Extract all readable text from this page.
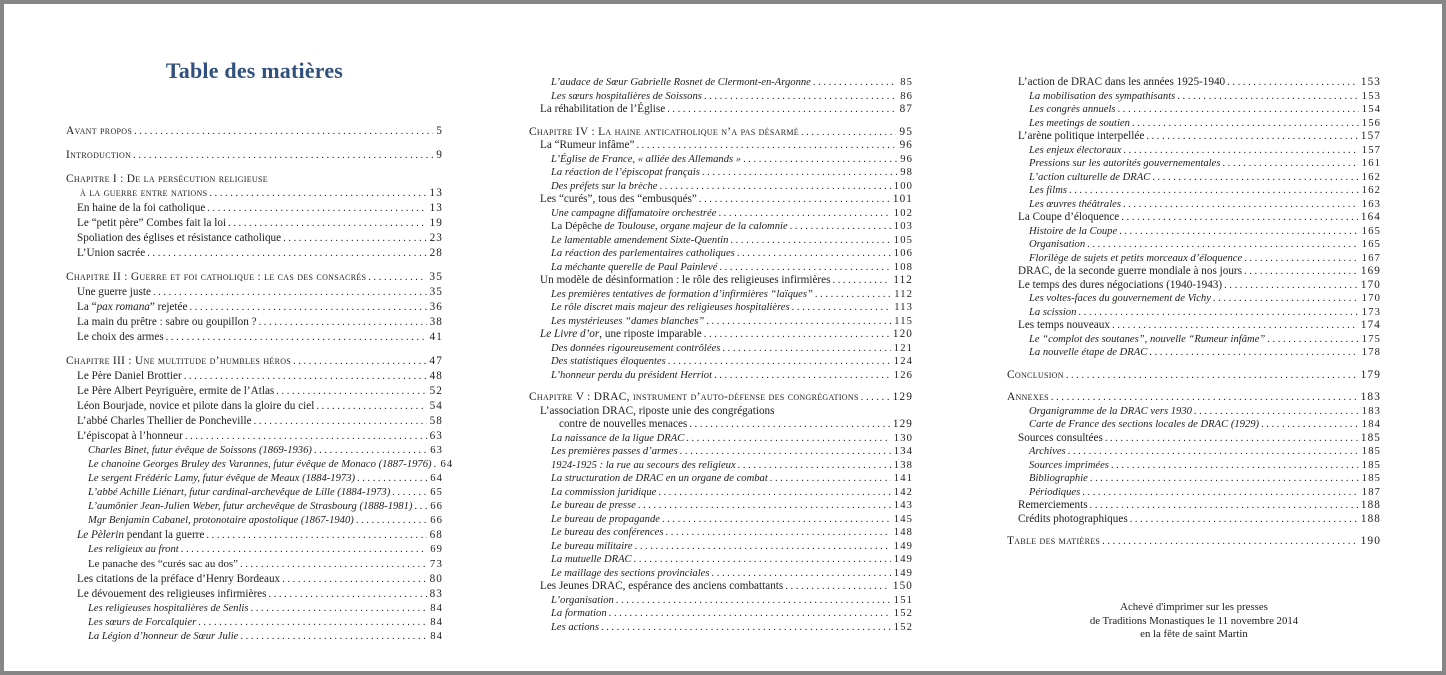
Table des matières
Avant propos .....	5
Introduction .....	9
Chapitre I : De la persécution religieuse
à la guerre entre nations .....	13
En haine de la foi catholique .....	13
Le “petit père” Combes fait la loi .....	19
Spoliation des églises et résistance catholique .....	23
L’Union sacrée .....	28
Chapitre II : Guerre et foi catholique : le cas des consacrés .....	35
Une guerre juste .....	35
La “pax romana” rejetée .....	36
La main du prêtre : sabre ou goupillon ? .....	38
Le choix des armes .....	41
Chapitre III : Une multitude d’humbles héros .....	47
Le Père Daniel Brottier .....	48
Le Père Albert Peyriguère, ermite de l’Atlas .....	52
Léon Bourjade, novice et pilote dans la gloire du ciel .....	54
L’abbé Charles Thellier de Poncheville .....	58
L’épiscopat à l’honneur .....	63
Charles Binet, futur évêque de Soissons (1869-1936) .....	63
Le chanoine Georges Bruley des Varannes, futur évêque de Monaco (1887-1976) ..... 64
Le sergent Frédéric Lamy, futur évêque de Meaux (1884-1973) .....	64
L’abbé Achille Liénart, futur cardinal-archevêque de Lille (1884-1973) .....	65
L’aumônier Jean-Julien Weber, futur archevêque de Strasbourg (1888-1981) ..... 66
Mgr Benjamin Cabanel, protonotaire apostolique (1867-1940) .....	66
Le Pèlerin pendant la guerre .....	68
Les religieux au front .....	69
Le panache des “curés sac au dos” .....	73
Les citations de la préface d’Henry Bordeaux .....	80
Le dévouement des religieuses infirmières .....	83
Les religieuses hospitalières de Senlis .....	84
Les sœurs de Forcalquier .....	84
La Légion d’honneur de Sœur Julie .....	84
L’audace de Sœur Gabrielle Rosnet de Clermont-en-Argonne .....	85
Les sœurs hospitalières de Soissons .....	86
La réhabilitation de l’Église .....	87
Chapitre IV : La haine anticatholique n’a pas désarmé .....	95
La “Rumeur infâme” .....	96
L’Église de France, « alliée des Allemands » .....	96
La réaction de l’épiscopat français .....	98
Des préfets sur la brèche .....	100
Les “curés”, tous des “embusqués” .....	101
Une campagne diffamatoire orchestrée .....	102
La Dépêche de Toulouse, organe majeur de la calomnie .....	103
Le lamentable amendement Sixte-Quentin .....	105
La réaction des parlementaires catholiques .....	106
La méchante querelle de Paul Painlevé .....	108
Un modèle de désinformation : le rôle des religieuses infirmières .....	112
Les premières tentatives de formation d’infirmières “laïques” .....	112
Le rôle discret mais majeur des religieuses hospitalières .....	113
Les mystérieuses “dames blanches” .....	115
Le Livre d’or, une riposte imparable .....	120
Des données rigoureusement contrôlées .....	121
Des statistiques éloquentes .....	124
L’honneur perdu du président Herriot .....	126
Chapitre V : DRAC, instrument d’auto-défense des congrégations .....	129
L’association DRAC, riposte unie des congrégations
contre de nouvelles menaces .....	129
La naissance de la ligue DRAC .....	130
Les premières passes d’armes .....	134
1924-1925 : la rue au secours des religieux .....	138
La structuration de DRAC en un organe de combat .....	141
La commission juridique .....	142
Le bureau de presse .....	143
Le bureau de propagande .....	145
Le bureau des conférences .....	148
Le bureau militaire .....	149
La mutuelle DRAC .....	149
Le maillage des sections provinciales .....	149
Les Jeunes DRAC, espérance des anciens combattants .....	150
L’organisation .....	151
La formation .....	152
Les actions .....	152
L’action de DRAC dans les années 1925-1940 .....	153
La mobilisation des sympathisants .....	153
Les congrès annuels .....	154
Les meetings de soutien .....	156
L’arène politique interpellée .....	157
Les enjeux électoraux .....	157
Pressions sur les autorités gouvernementales .....	161
L’action culturelle de DRAC .....	162
Les films .....	162
Les œuvres théâtrales .....	163
La Coupe d’éloquence .....	164
Histoire de la Coupe .....	165
Organisation .....	165
Florilège de sujets et petits morceaux d’éloquence .....	167
DRAC, de la seconde guerre mondiale à nos jours .....	169
Le temps des dures négociations (1940-1943) .....	170
Les voltes-faces du gouvernement de Vichy .....	170
La scission .....	173
Les temps nouveaux .....	174
Le “complot des soutanes”, nouvelle “Rumeur infâme” .....	175
La nouvelle étape de DRAC .....	178
Conclusion .....	179
Annexes .....	183
Organigramme de la DRAC vers 1930 .....	183
Carte de France des sections locales de DRAC (1929) .....	184
Sources consultées .....	185
Archives .....	185
Sources imprimées .....	185
Bibliographie .....	185
Périodiques .....	187
Remerciements .....	188
Crédits photographiques .....	188
Table des matières .....	190
Achevé d'imprimer sur les presses
de Traditions Monastiques le 11 novembre 2014
en la fête de saint Martin
